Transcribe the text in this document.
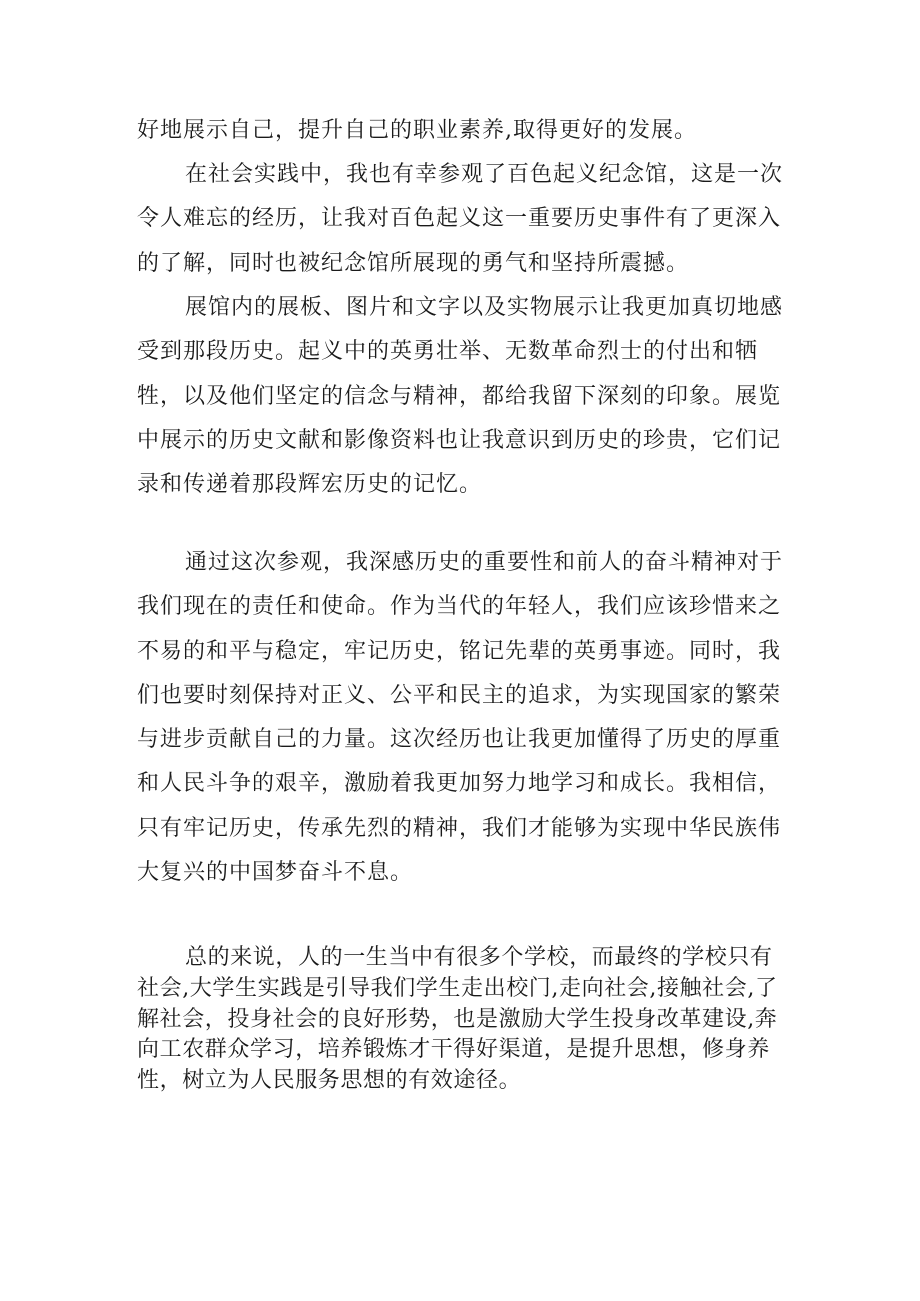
好地展示自己，提升自己的职业素养,取得更好的发展。

在社会实践中，我也有幸参观了百色起义纪念馆，这是一次令人难忘的经历，让我对百色起义这一重要历史事件有了更深入的了解，同时也被纪念馆所展现的勇气和坚持所震撼。

展馆内的展板、图片和文字以及实物展示让我更加真切地感受到那段历史。起义中的英勇壮举、无数革命烈士的付出和牺牲，以及他们坚定的信念与精神，都给我留下深刻的印象。展览中展示的历史文献和影像资料也让我意识到历史的珍贵，它们记录和传递着那段辉宏历史的记忆。

通过这次参观，我深感历史的重要性和前人的奋斗精神对于我们现在的责任和使命。作为当代的年轻人，我们应该珍惜来之不易的和平与稳定，牢记历史，铭记先辈的英勇事迹。同时，我们也要时刻保持对正义、公平和民主的追求，为实现国家的繁荣与进步贡献自己的力量。这次经历也让我更加懂得了历史的厚重和人民斗争的艰辛，激励着我更加努力地学习和成长。我相信，只有牢记历史，传承先烈的精神，我们才能够为实现中华民族伟大复兴的中国梦奋斗不息。

总的来说，人的一生当中有很多个学校，而最终的学校只有社会,大学生实践是引导我们学生走出校门,走向社会,接触社会,了解社会，投身社会的良好形势，也是激励大学生投身改革建设,奔向工农群众学习，培养锻炼才干得好渠道，是提升思想，修身养性，树立为人民服务思想的有效途径。
